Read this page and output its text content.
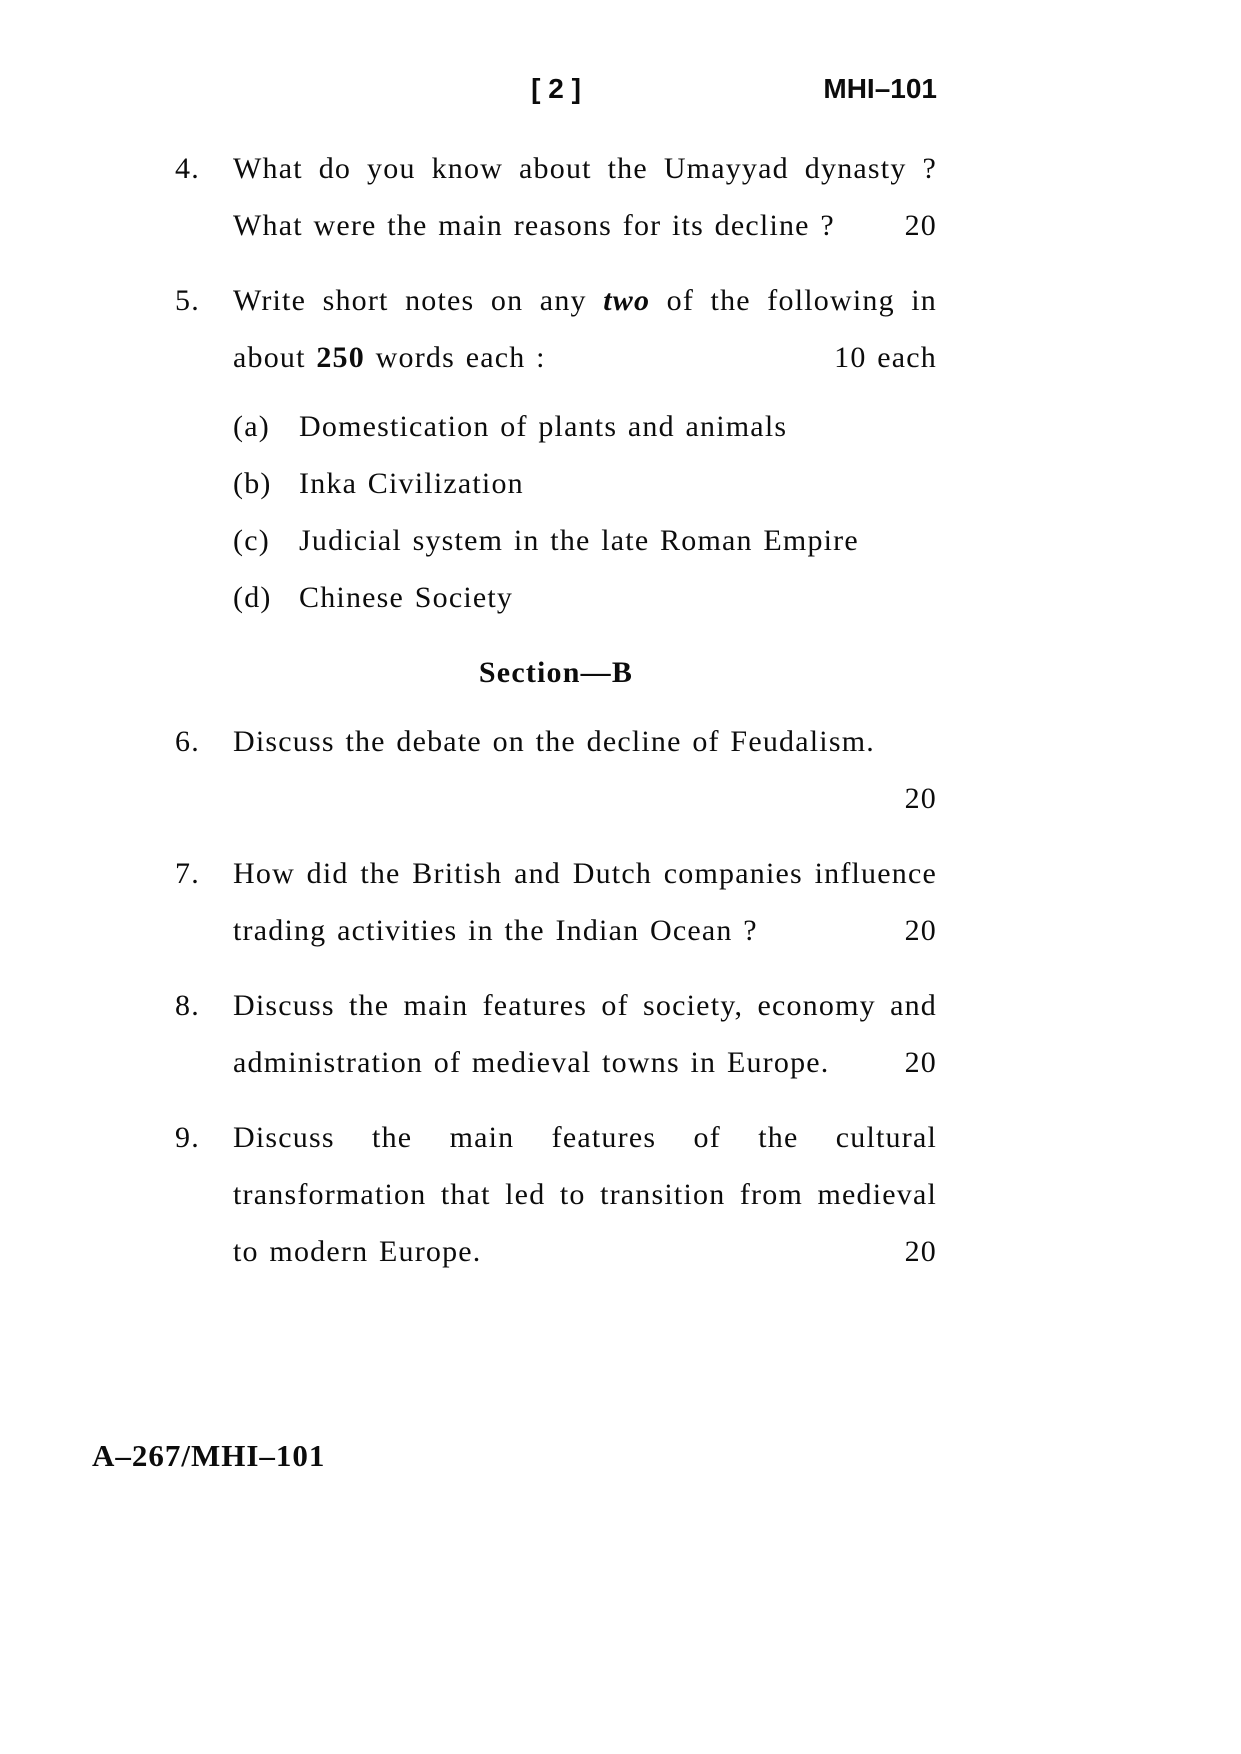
[ 2 ]	MHI–101
4.	What do you know about the Umayyad dynasty ? What were the main reasons for its decline ? 20

5.	Write short notes on any two of the following in about 250 words each :	10 each

(a) Domestication of plants and animals
(b) Inka Civilization
(c) Judicial system in the late Roman Empire
(d) Chinese Society
Section—B
6.	Discuss the debate on the decline of Feudalism.

20
7.	How did the British and Dutch companies influence trading activities in the Indian Ocean ?	20

8.	Discuss the main features of society, economy and administration of medieval towns in Europe.	20

9.	Discuss the main features of the cultural transformation that led to transition from medieval to modern Europe.	20

A–267/MHI–101
